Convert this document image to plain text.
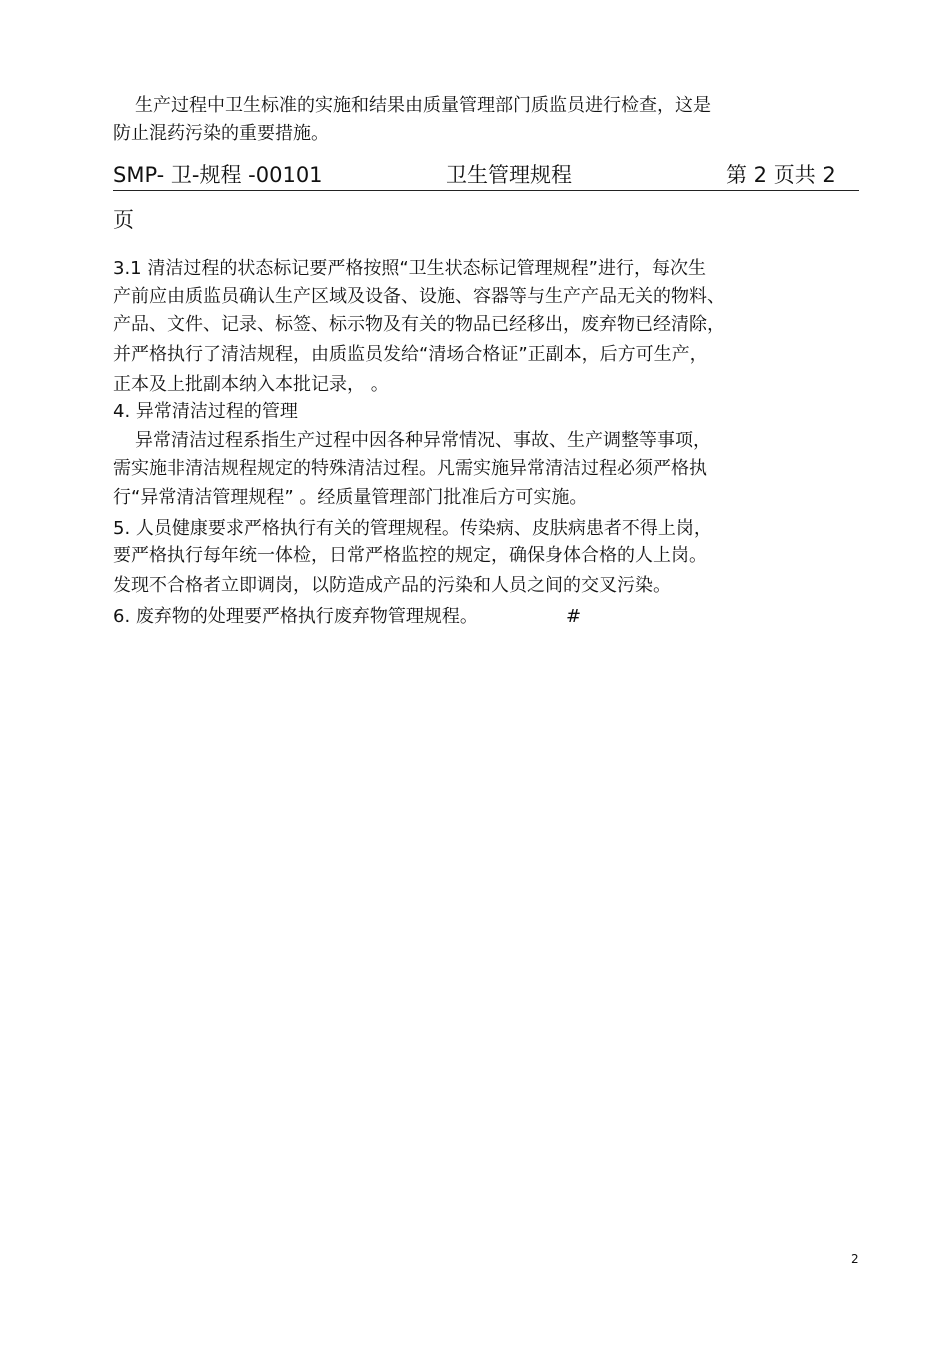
生产过程中卫生标准的实施和结果由质量管理部门质监员进行检查，这是
防止混药污染的重要措施。
SMP- 卫-规程 -00101	卫生管理规程	第 2 页共 2
页
3.1 清洁过程的状态标记要严格按照“卫生状态标记管理规程”进行，每次生
产前应由质监员确认生产区域及设备、设施、容器等与生产产品无关的物料、
产品、文件、记录、标签、标示物及有关的物品已经移出，废弃物已经清除，
并严格执行了清洁规程，由质监员发给“清场合格证”正副本，后方可生产，
正本及上批副本纳入本批记录， 。
4. 异常清洁过程的管理
异常清洁过程系指生产过程中因各种异常情况、事故、生产调整等事项，
需实施非清洁规程规定的特殊清洁过程。凡需实施异常清洁过程必须严格执
行“异常清洁管理规程” 。经质量管理部门批准后方可实施。
5. 人员健康要求严格执行有关的管理规程。传染病、皮肤病患者不得上岗，
要严格执行每年统一体检，日常严格监控的规定，确保身体合格的人上岗。
发现不合格者立即调岗，以防造成产品的污染和人员之间的交叉污染。
6. 废弃物的处理要严格执行废弃物管理规程。	#
2
